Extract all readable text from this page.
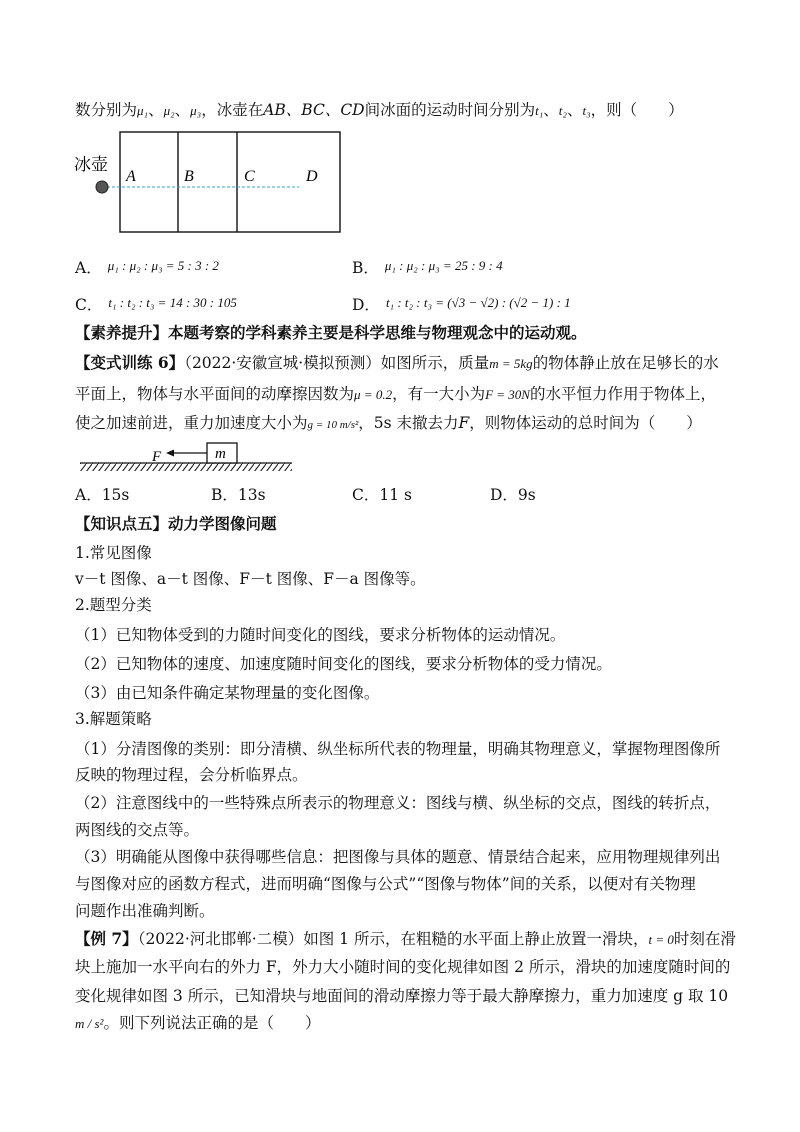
数分别为μ₁、μ₂、μ₃，冰壶在AB、BC、CD间冰面的运动时间分别为t₁、t₂、t₃，则（　　）
冰壶
A	B	C	D
A． μ₁ : μ₂ : μ₃ = 5 : 3 : 2	B． μ₁ : μ₂ : μ₃ = 25 : 9 : 4
C． t₁ : t₂ : t₃ = 14 : 30 : 105	D． t₁ : t₂ : t₃ = (√3 − √2) : (√2 − 1) : 1
【素养提升】本题考察的学科素养主要是科学思维与物理观念中的运动观。
【变式训练 6】（2022·安徽宣城·模拟预测）如图所示，质量m = 5kg的物体静止放在足够长的水
平面上，物体与水平面间的动摩擦因数为μ = 0.2，有一大小为F = 30N的水平恒力作用于物体上，
使之加速前进，重力加速度大小为g = 10 m/s²，5s 末撤去力F，则物体运动的总时间为（　　）
m
F
A．15s	B．13s	C．11 s	D．9s
【知识点五】动力学图像问题
1.常见图像
v－t 图像、a－t 图像、F－t 图像、F－a 图像等。
2.题型分类
（1）已知物体受到的力随时间变化的图线，要求分析物体的运动情况。
（2）已知物体的速度、加速度随时间变化的图线，要求分析物体的受力情况。
（3）由已知条件确定某物理量的变化图像。
3.解题策略
（1）分清图像的类别：即分清横、纵坐标所代表的物理量，明确其物理意义，掌握物理图像所
反映的物理过程，会分析临界点。
（2）注意图线中的一些特殊点所表示的物理意义：图线与横、纵坐标的交点，图线的转折点，
两图线的交点等。
（3）明确能从图像中获得哪些信息：把图像与具体的题意、情景结合起来，应用物理规律列出
与图像对应的函数方程式，进而明确“图像与公式”“图像与物体”间的关系，以便对有关物理
问题作出准确判断。
【例 7】（2022·河北邯郸·二模）如图 1 所示，在粗糙的水平面上静止放置一滑块，t = 0时刻在滑
块上施加一水平向右的外力 F，外力大小随时间的变化规律如图 2 所示，滑块的加速度随时间的
变化规律如图 3 所示，已知滑块与地面间的滑动摩擦力等于最大静摩擦力，重力加速度 g 取 10
m / s²。则下列说法正确的是（　　）
